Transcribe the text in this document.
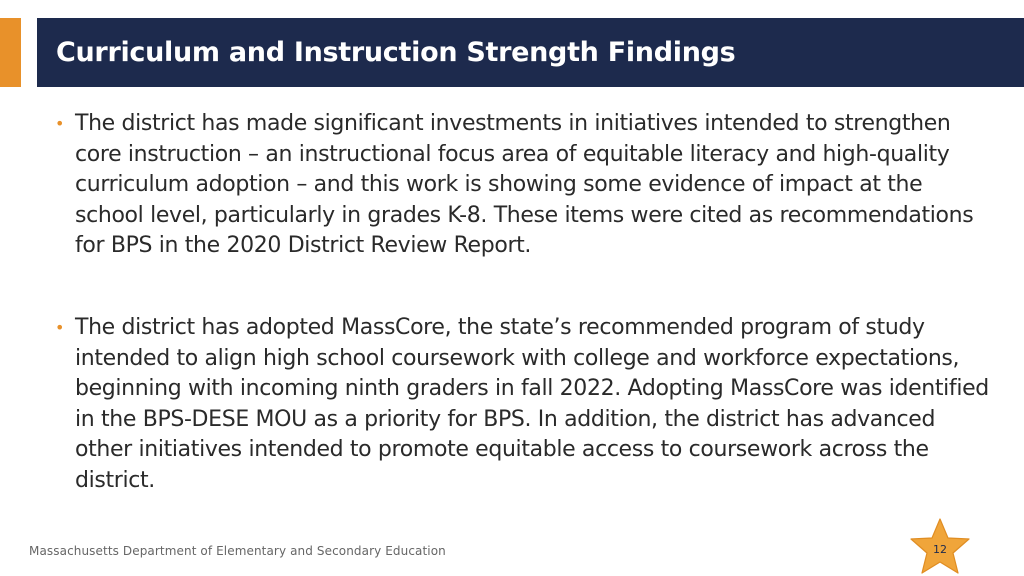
Curriculum and Instruction Strength Findings
• The district has made significant investments in initiatives intended to strengthen core instruction – an instructional focus area of equitable literacy and high-quality curriculum adoption – and this work is showing some evidence of impact at the school level, particularly in grades K-8. These items were cited as recommendations for BPS in the 2020 District Review Report.
• The district has adopted MassCore, the state’s recommended program of study intended to align high school coursework with college and workforce expectations, beginning with incoming ninth graders in fall 2022. Adopting MassCore was identified in the BPS-DESE MOU as a priority for BPS. In addition, the district has advanced other initiatives intended to promote equitable access to coursework across the district.
Massachusetts Department of Elementary and Secondary Education	12
